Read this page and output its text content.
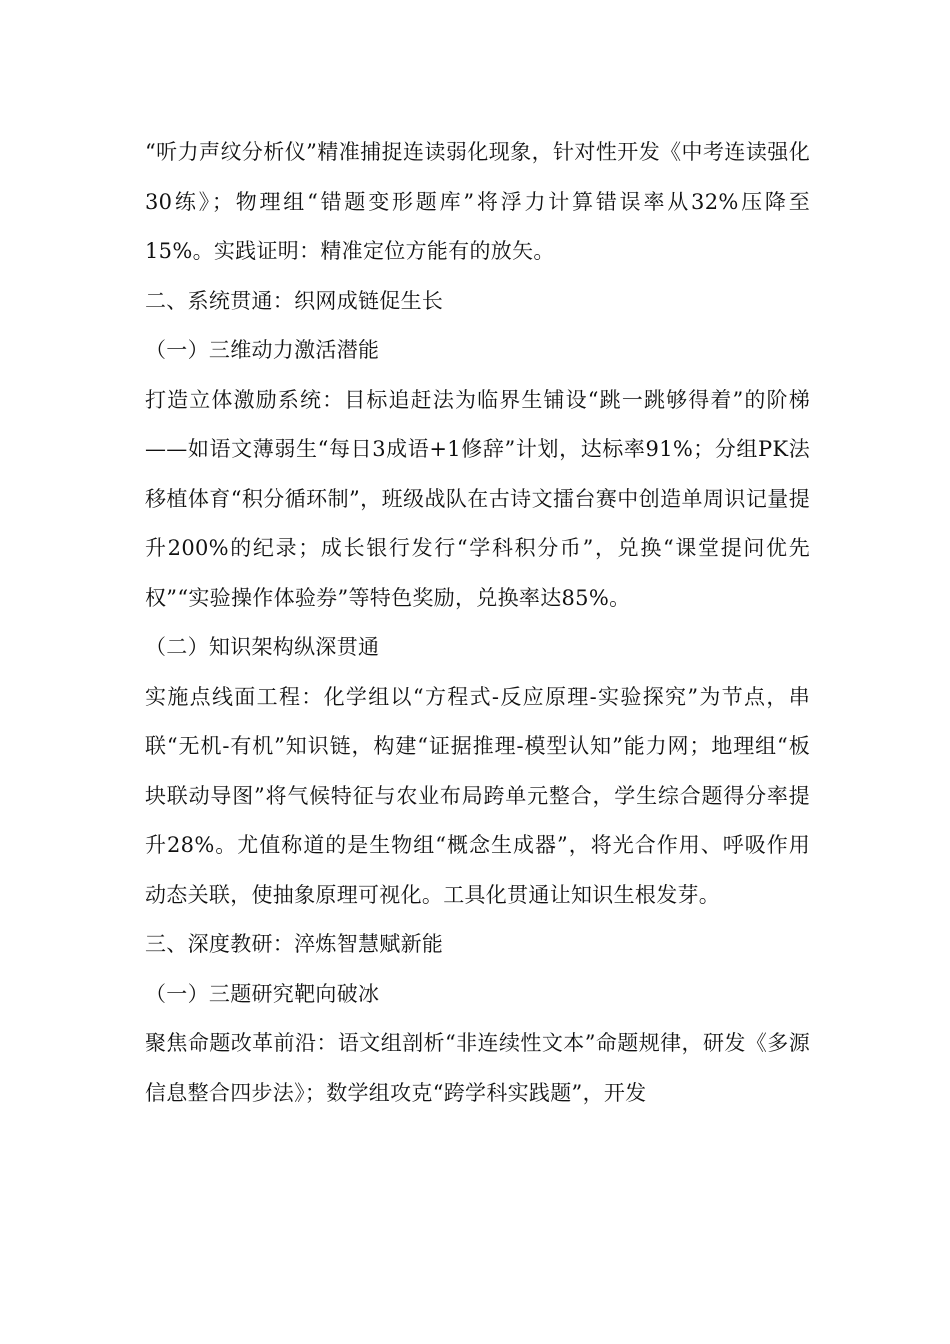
“听力声纹分析仪”精准捕捉连读弱化现象，针对性开发《中考连读强化30练》；物理组“错题变形题库”将浮力计算错误率从32%压降至15%。实践证明：精准定位方能有的放矢。

二、系统贯通：织网成链促生长

（一）三维动力激活潜能

打造立体激励系统：目标追赶法为临界生铺设“跳一跳够得着”的阶梯——如语文薄弱生“每日3成语+1修辞”计划，达标率91%；分组PK法移植体育“积分循环制”，班级战队在古诗文擂台赛中创造单周识记量提升200%的纪录；成长银行发行“学科积分币”，兑换“课堂提问优先权”“实验操作体验券”等特色奖励，兑换率达85%。

（二）知识架构纵深贯通

实施点线面工程：化学组以“方程式-反应原理-实验探究”为节点，串联“无机-有机”知识链，构建“证据推理-模型认知”能力网；地理组“板块联动导图”将气候特征与农业布局跨单元整合，学生综合题得分率提升28%。尤值称道的是生物组“概念生成器”，将光合作用、呼吸作用动态关联，使抽象原理可视化。工具化贯通让知识生根发芽。

三、深度教研：淬炼智慧赋新能

（一）三题研究靶向破冰

聚焦命题改革前沿：语文组剖析“非连续性文本”命题规律，研发《多源信息整合四步法》；数学组攻克“跨学科实践题”，开发
